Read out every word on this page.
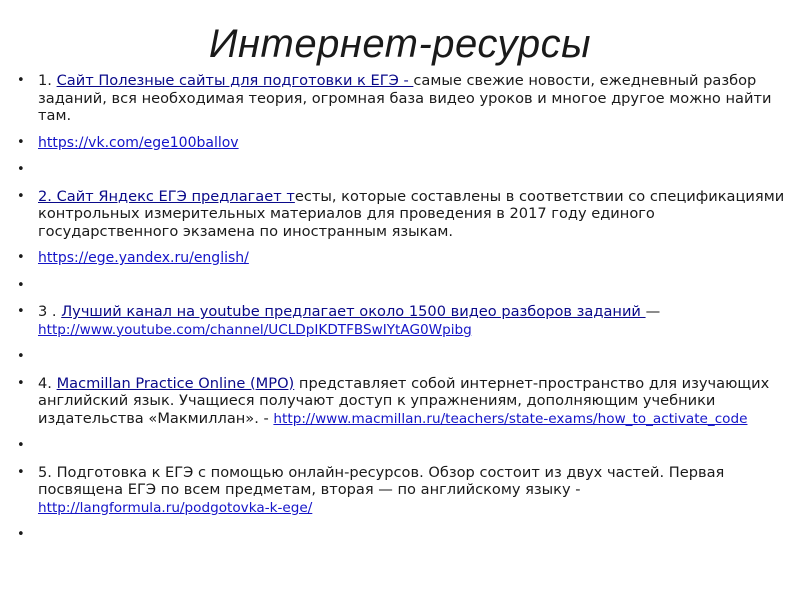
Интернет-ресурсы
• 1. Сайт Полезные сайты для подготовки к ЕГЭ - самые свежие новости, ежедневный разбор заданий, вся необходимая теория, огромная база видео уроков и многое другое можно найти там.
• https://vk.com/ege100ballov
•
• 2. Сайт Яндекс ЕГЭ предлагает тесты, которые составлены в соответствии со спецификациями контрольных измерительных материалов для проведения в 2017 году единого государственного экзамена по иностранным языкам.
• https://ege.yandex.ru/english/
•
• 3 . Лучший канал на youtube предлагает около 1500 видео разборов заданий —http://www.youtube.com/channel/UCLDpIKDTFBSwIYtAG0Wpibg
•
• 4. Macmillan Practice Online (MPO) представляет собой интернет-пространство для изучающих английский язык. Учащиеся получают доступ к упражнениям, дополняющим учебники издательства «Макмиллан». - http://www.macmillan.ru/teachers/state-exams/how_to_activate_code
•
• 5. Подготовка к ЕГЭ с помощью онлайн-ресурсов. Обзор состоит из двух частей. Первая посвящена ЕГЭ по всем предметам, вторая — по английскому языку -http://langformula.ru/podgotovka-k-ege/
•
